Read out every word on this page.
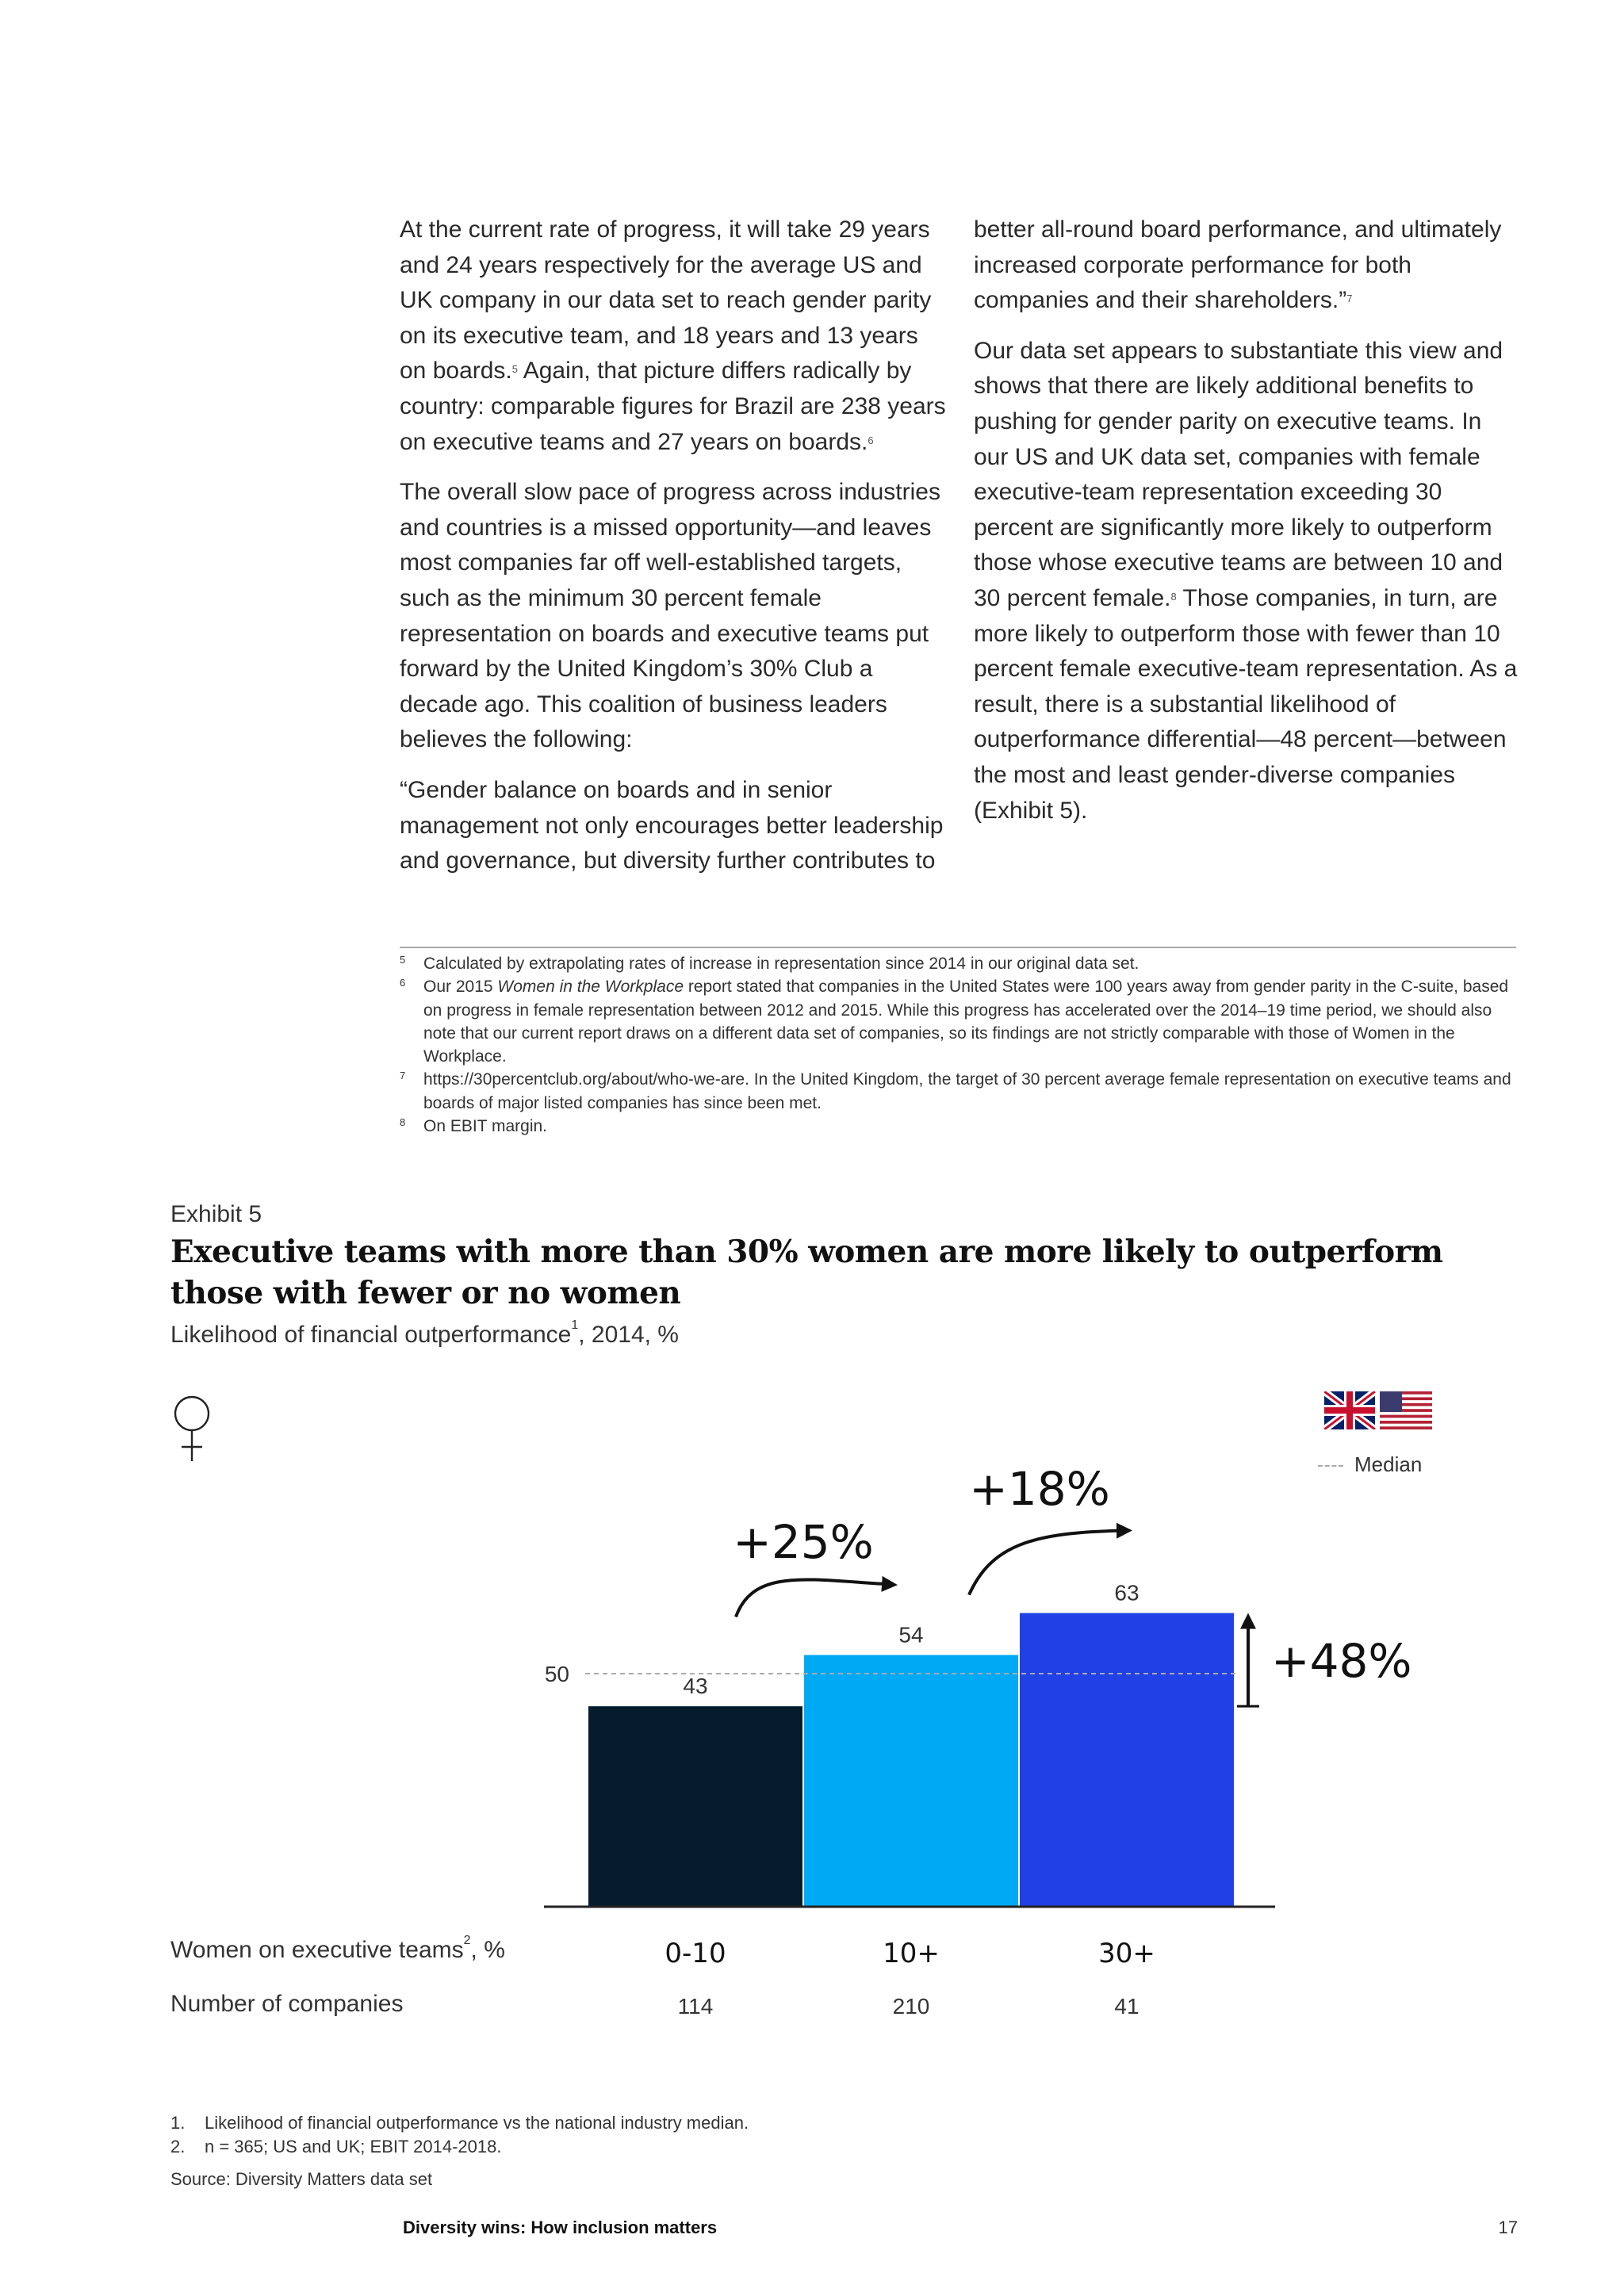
At the current rate of progress, it will take 29 years and 24 years respectively for the average US and UK company in our data set to reach gender parity on its executive team, and 18 years and 13 years on boards.$^5$ Again, that picture differs radically by country: comparable figures for Brazil are 238 years on executive teams and 27 years on boards.$^6$

The overall slow pace of progress across industries and countries is a missed opportunity—and leaves most companies far off well-established targets, such as the minimum 30 percent female representation on boards and executive teams put forward by the United Kingdom’s 30% Club a decade ago. This coalition of business leaders believes the following:

“Gender balance on boards and in senior management not only encourages better leadership and governance, but diversity further contributes to

better all-round board performance, and ultimately increased corporate performance for both companies and their shareholders.”$^7$

Our data set appears to substantiate this view and shows that there are likely additional benefits to pushing for gender parity on executive teams. In our US and UK data set, companies with female executive-team representation exceeding 30 percent are significantly more likely to outperform those whose executive teams are between 10 and 30 percent female.$^8$ Those companies, in turn, are more likely to outperform those with fewer than 10 percent female executive-team representation. As a result, there is a substantial likelihood of outperformance differential—48 percent—between the most and least gender-diverse companies (Exhibit 5).

5 Calculated by extrapolating rates of increase in representation since 2014 in our original data set.
6 Our 2015 Women in the Workplace report stated that companies in the United States were 100 years away from gender parity in the C-suite, based on progress in female representation between 2012 and 2015. While this progress has accelerated over the 2014–19 time period, we should also note that our current report draws on a different data set of companies, so its findings are not strictly comparable with those of Women in the Workplace.
7 https://30percentclub.org/about/who-we-are. In the United Kingdom, the target of 30 percent average female representation on executive teams and boards of major listed companies has since been met.
8 On EBIT margin.
Exhibit 5
Executive teams with more than 30% women are more likely to outperform those with fewer or no women
Likelihood of financial outperformance$^1$, 2014, %
Median
43
0-10
114
54
10+
210
63
30+
41
50
+25%
+18%
+48%
Women on executive teams$^2$, %
Number of companies
1. Likelihood of financial outperformance vs the national industry median.
2. n = 365; US and UK; EBIT 2014-2018.
Source: Diversity Matters data set
Diversity wins: How inclusion matters	17
